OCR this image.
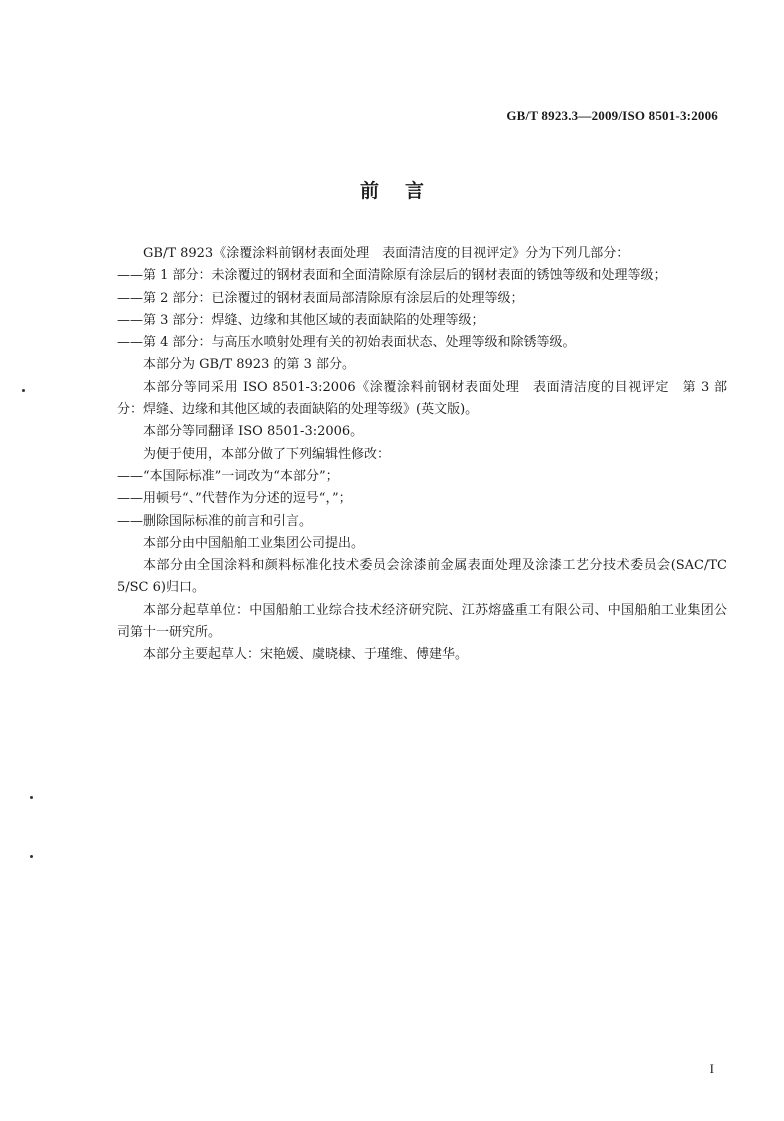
GB/T 8923.3—2009/ISO 8501-3:2006
前言

GB/T 8923《涂覆涂料前钢材表面处理　表面清洁度的目视评定》分为下列几部分：

——第 1 部分：未涂覆过的钢材表面和全面清除原有涂层后的钢材表面的锈蚀等级和处理等级；

——第 2 部分：已涂覆过的钢材表面局部清除原有涂层后的处理等级；

——第 3 部分：焊缝、边缘和其他区域的表面缺陷的处理等级；

——第 4 部分：与高压水喷射处理有关的初始表面状态、处理等级和除锈等级。

本部分为 GB/T 8923 的第 3 部分。

本部分等同采用 ISO 8501-3:2006《涂覆涂料前钢材表面处理　表面清洁度的目视评定　第 3 部分：焊缝、边缘和其他区域的表面缺陷的处理等级》(英文版)。

本部分等同翻译 ISO 8501-3:2006。

为便于使用，本部分做了下列编辑性修改：

——“本国际标准”一词改为“本部分”；

——用顿号“、”代替作为分述的逗号“，”；

——删除国际标准的前言和引言。

本部分由中国船舶工业集团公司提出。

本部分由全国涂料和颜料标准化技术委员会涂漆前金属表面处理及涂漆工艺分技术委员会(SAC/TC 5/SC 6)归口。

本部分起草单位：中国船舶工业综合技术经济研究院、江苏熔盛重工有限公司、中国船舶工业集团公司第十一研究所。

本部分主要起草人：宋艳媛、虞晓棣、于瑾维、傅建华。

I
